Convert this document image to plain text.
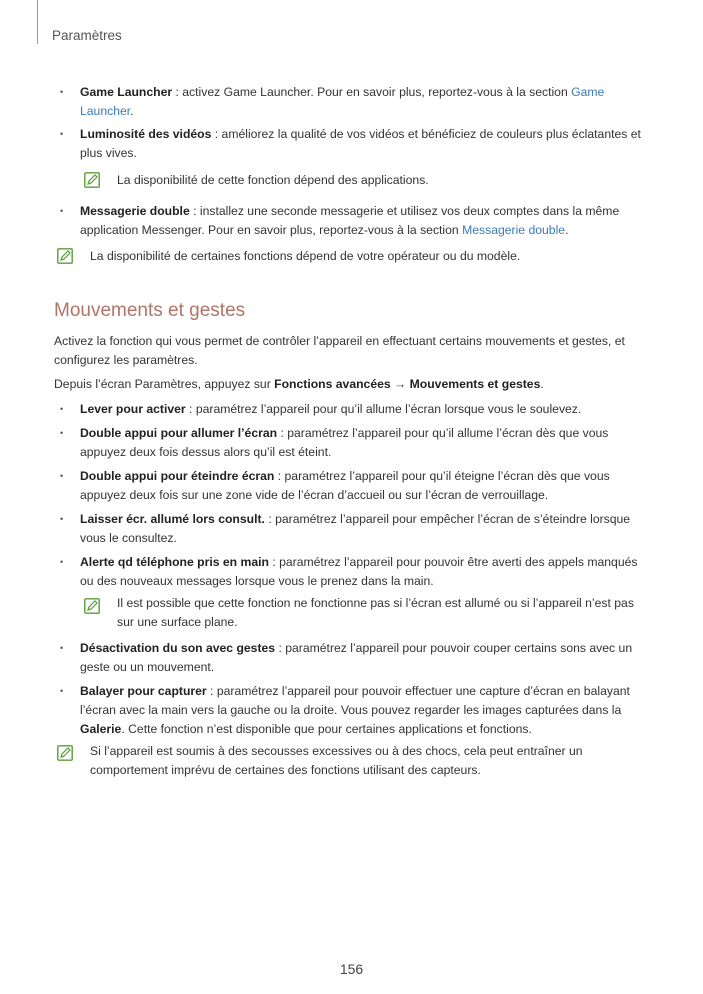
Paramètres
• Game Launcher : activez Game Launcher. Pour en savoir plus, reportez-vous à la section Game Launcher.
• Luminosité des vidéos : améliorez la qualité de vos vidéos et bénéficiez de couleurs plus éclatantes et plus vives.
La disponibilité de cette fonction dépend des applications.
• Messagerie double : installez une seconde messagerie et utilisez vos deux comptes dans la même application Messenger. Pour en savoir plus, reportez-vous à la section Messagerie double.
La disponibilité de certaines fonctions dépend de votre opérateur ou du modèle.
Mouvements et gestes
Activez la fonction qui vous permet de contrôler l’appareil en effectuant certains mouvements et gestes, et configurez les paramètres.
Depuis l’écran Paramètres, appuyez sur Fonctions avancées → Mouvements et gestes.
• Lever pour activer : paramétrez l’appareil pour qu’il allume l’écran lorsque vous le soulevez.
• Double appui pour allumer l’écran : paramétrez l’appareil pour qu’il allume l’écran dès que vous appuyez deux fois dessus alors qu’il est éteint.
• Double appui pour éteindre écran : paramétrez l’appareil pour qu’il éteigne l’écran dès que vous appuyez deux fois sur une zone vide de l’écran d’accueil ou sur l’écran de verrouillage.
• Laisser écr. allumé lors consult. : paramétrez l’appareil pour empêcher l’écran de s’éteindre lorsque vous le consultez.
• Alerte qd téléphone pris en main : paramétrez l’appareil pour pouvoir être averti des appels manqués ou des nouveaux messages lorsque vous le prenez dans la main.
Il est possible que cette fonction ne fonctionne pas si l’écran est allumé ou si l’appareil n’est pas sur une surface plane.
• Désactivation du son avec gestes : paramétrez l’appareil pour pouvoir couper certains sons avec un geste ou un mouvement.
• Balayer pour capturer : paramétrez l’appareil pour pouvoir effectuer une capture d’écran en balayant l’écran avec la main vers la gauche ou la droite. Vous pouvez regarder les images capturées dans la Galerie. Cette fonction n’est disponible que pour certaines applications et fonctions.
Si l’appareil est soumis à des secousses excessives ou à des chocs, cela peut entraîner un comportement imprévu de certaines des fonctions utilisant des capteurs.
156
